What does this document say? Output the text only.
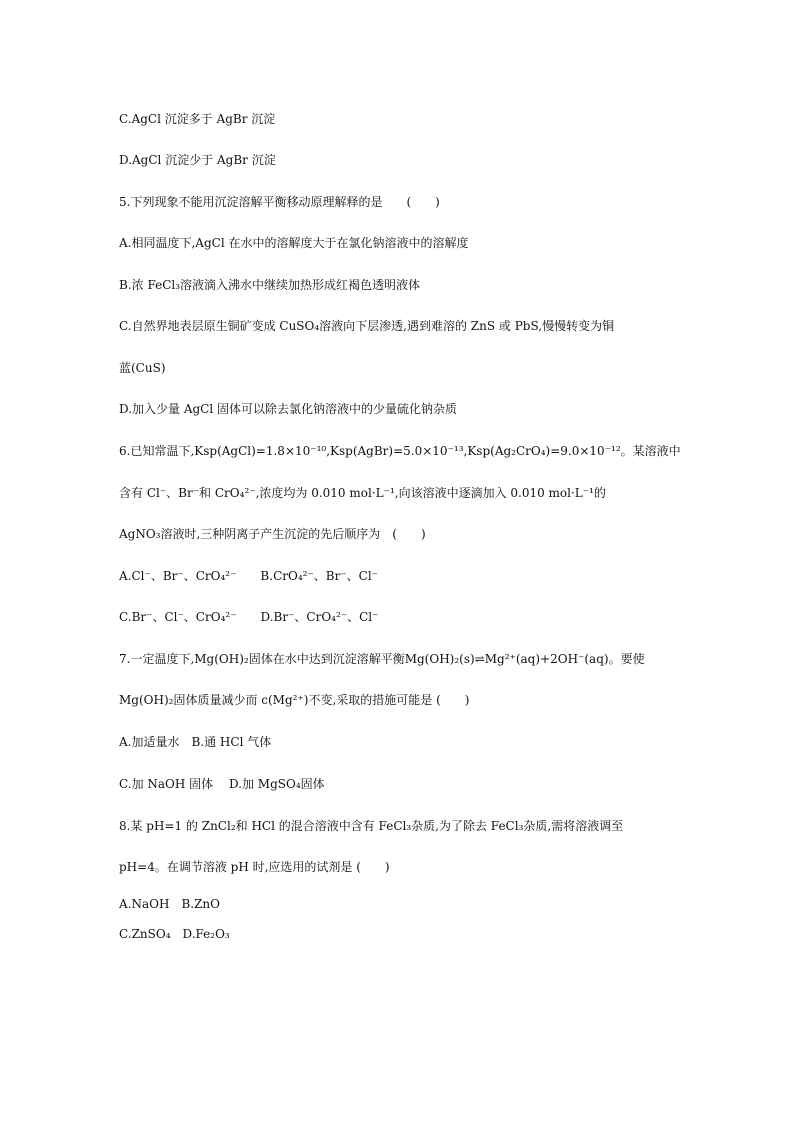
C.AgCl 沉淀多于 AgBr 沉淀
D.AgCl 沉淀少于 AgBr 沉淀
5.下列现象不能用沉淀溶解平衡移动原理解释的是　　(　　)
A.相同温度下,AgCl 在水中的溶解度大于在氯化钠溶液中的溶解度
B.浓 FeCl₃溶液滴入沸水中继续加热形成红褐色透明液体
C.自然界地表层原生铜矿变成 CuSO₄溶液向下层渗透,遇到难溶的 ZnS 或 PbS,慢慢转变为铜
蓝(CuS)
D.加入少量 AgCl 固体可以除去氯化钠溶液中的少量硫化钠杂质
6.已知常温下,Ksp(AgCl)=1.8×10⁻¹⁰,Ksp(AgBr)=5.0×10⁻¹³,Ksp(Ag₂CrO₄)=9.0×10⁻¹²。某溶液中
含有 Cl⁻、Br⁻和 CrO₄²⁻,浓度均为 0.010 mol·L⁻¹,向该溶液中逐滴加入 0.010 mol·L⁻¹的
AgNO₃溶液时,三种阴离子产生沉淀的先后顺序为　(　　)
A.Cl⁻、Br⁻、CrO₄²⁻　　B.CrO₄²⁻、Br⁻、Cl⁻
C.Br⁻、Cl⁻、CrO₄²⁻　　D.Br⁻、CrO₄²⁻、Cl⁻
7.一定温度下,Mg(OH)₂固体在水中达到沉淀溶解平衡Mg(OH)₂(s)⇌Mg²⁺(aq)+2OH⁻(aq)。要使
Mg(OH)₂固体质量减少而 c(Mg²⁺)不变,采取的措施可能是 (　　)
A.加适量水　B.通 HCl 气体
C.加 NaOH 固体　 D.加 MgSO₄固体
8.某 pH=1 的 ZnCl₂和 HCl 的混合溶液中含有 FeCl₃杂质,为了除去 FeCl₃杂质,需将溶液调至
pH=4。在调节溶液 pH 时,应选用的试剂是 (　　)
A.NaOH　B.ZnO
C.ZnSO₄　D.Fe₂O₃
